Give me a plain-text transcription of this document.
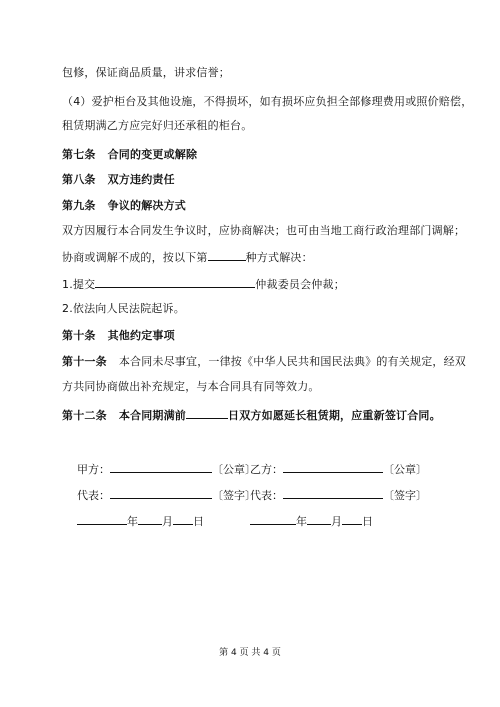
包修，保证商品质量，讲求信誉；
（4）爱护柜台及其他设施，不得损坏，如有损坏应负担全部修理费用或照价赔偿，
租赁期满乙方应完好归还承租的柜台。
第七条 合同的变更或解除
第八条 双方违约责任
第九条 争议的解决方式
双方因履行本合同发生争议时，应协商解决；也可由当地工商行政治理部门调解；
协商或调解不成的，按以下第	种方式解决：
1.提交	仲裁委员会仲裁；
2.依法向人民法院起诉。
第十条 其他约定事项
第十一条 本合同未尽事宜，一律按《中华人民共和国民法典》的有关规定，经双
方共同协商做出补充规定，与本合同具有同等效力。
第十二条 本合同期满前	日双方如愿延长租赁期，应重新签订合同。
甲方：	〔公章〕
乙方：	〔公章〕
代表：	〔签字〕
代表：	〔签字〕
年 月 日	年 月 日
第 4 页 共 4 页
